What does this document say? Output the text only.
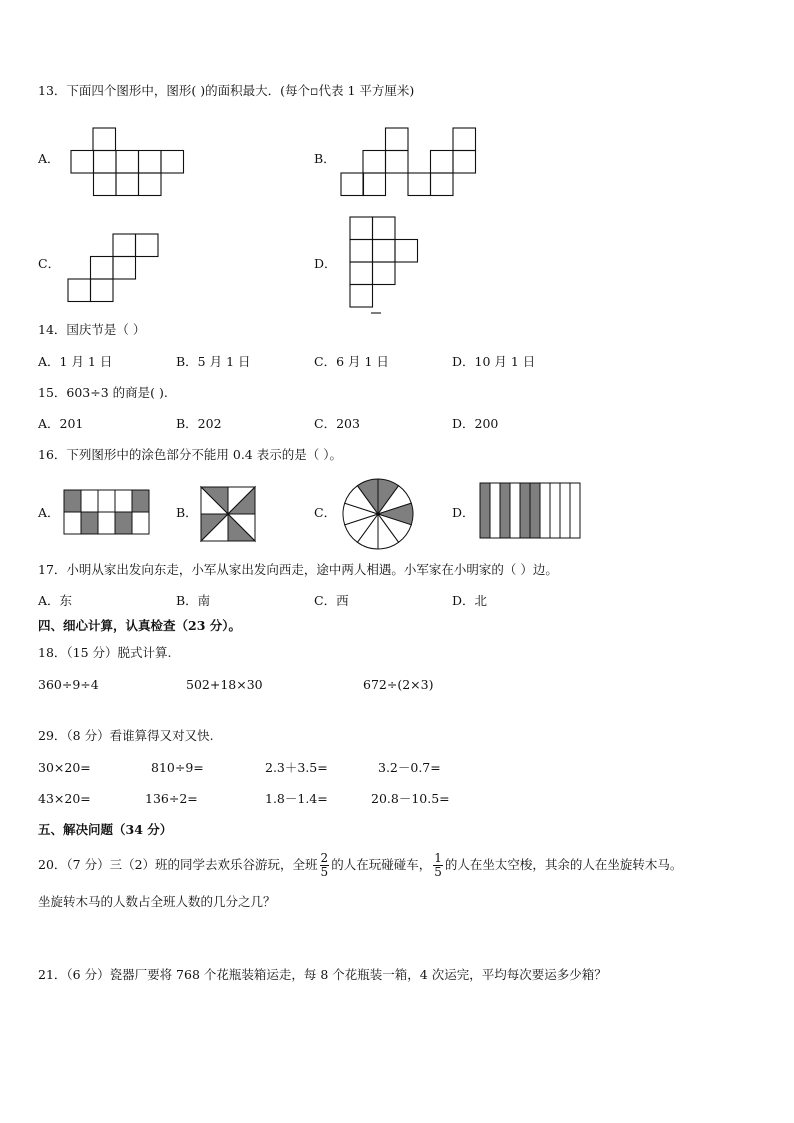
13．下面四个图形中，图形( )的面积最大．(每个▫代表 1 平方厘米)
A．	B．
C．	D．
14．国庆节是（ ）
A．1 月 1 日	B．5 月 1 日	C．6 月 1 日	D．10 月 1 日
15．603÷3 的商是( ).
A．201	B．202	C．203	D．200
16．下列图形中的涂色部分不能用 0.4 表示的是（ ）。
A．	B．	C．	D．
17．小明从家出发向东走，小军从家出发向西走，途中两人相遇。小军家在小明家的（ ）边。
A．东	B．南	C．西	D．北
四、细心计算，认真检查（23 分）。
18．（15 分）脱式计算.
360÷9÷4	502+18×30	672÷(2×3)
29．（8 分）看谁算得又对又快.
30×20=	810÷9=	2.3＋3.5=	3.2－0.7=
43×20=	136÷2=	1.8－1.4=	20.8－10.5=
五、解决问题（34 分）
20．（7 分）三（2）班的同学去欢乐谷游玩，全班 $\frac{2}{5}$ 的人在玩碰碰车， $\frac{1}{5}$ 的人在坐太空梭，其余的人在坐旋转木马。
坐旋转木马的人数占全班人数的几分之几？
21．（6 分）瓷器厂要将 768 个花瓶装箱运走，每 8 个花瓶装一箱，4 次运完，平均每次要运多少箱？
